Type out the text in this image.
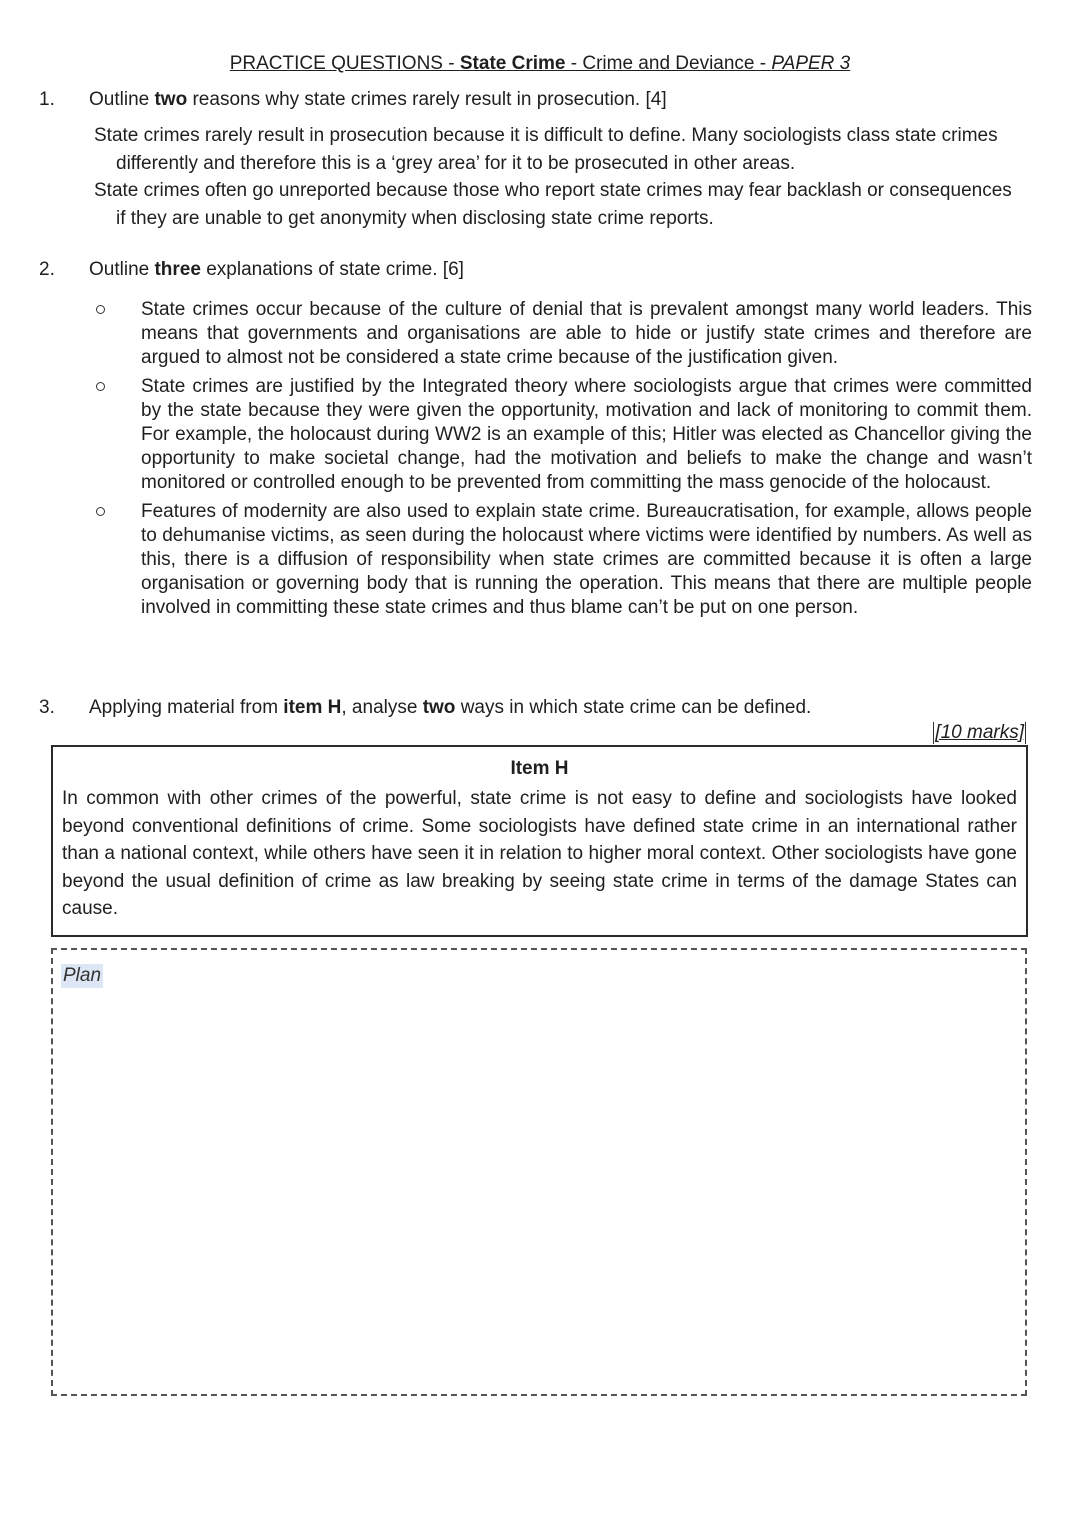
PRACTICE QUESTIONS - State Crime - Crime and Deviance - PAPER 3
1. Outline two reasons why state crimes rarely result in prosecution. [4]

State crimes rarely result in prosecution because it is difficult to define. Many sociologists class state crimes differently and therefore this is a ‘grey area’ for it to be prosecuted in other areas.

State crimes often go unreported because those who report state crimes may fear backlash or consequences if they are unable to get anonymity when disclosing state crime reports.

2. Outline three explanations of state crime. [6]
State crimes occur because of the culture of denial that is prevalent amongst many world leaders. This means that governments and organisations are able to hide or justify state crimes and therefore are argued to almost not be considered a state crime because of the justification given.
State crimes are justified by the Integrated theory where sociologists argue that crimes were committed by the state because they were given the opportunity, motivation and lack of monitoring to commit them. For example, the holocaust during WW2 is an example of this; Hitler was elected as Chancellor giving the opportunity to make societal change, had the motivation and beliefs to make the change and wasn’t monitored or controlled enough to be prevented from committing the mass genocide of the holocaust.
Features of modernity are also used to explain state crime. Bureaucratisation, for example, allows people to dehumanise victims, as seen during the holocaust where victims were identified by numbers. As well as this, there is a diffusion of responsibility when state crimes are committed because it is often a large organisation or governing body that is running the operation. This means that there are multiple people involved in committing these state crimes and thus blame can’t be put on one person.
3. Applying material from item H, analyse two ways in which state crime can be defined.
[10 marks]
Item H
In common with other crimes of the powerful, state crime is not easy to define and sociologists have looked beyond conventional definitions of crime. Some sociologists have defined state crime in an international rather than a national context, while others have seen it in relation to higher moral context. Other sociologists have gone beyond the usual definition of crime as law breaking by seeing state crime in terms of the damage States can cause.
Plan
